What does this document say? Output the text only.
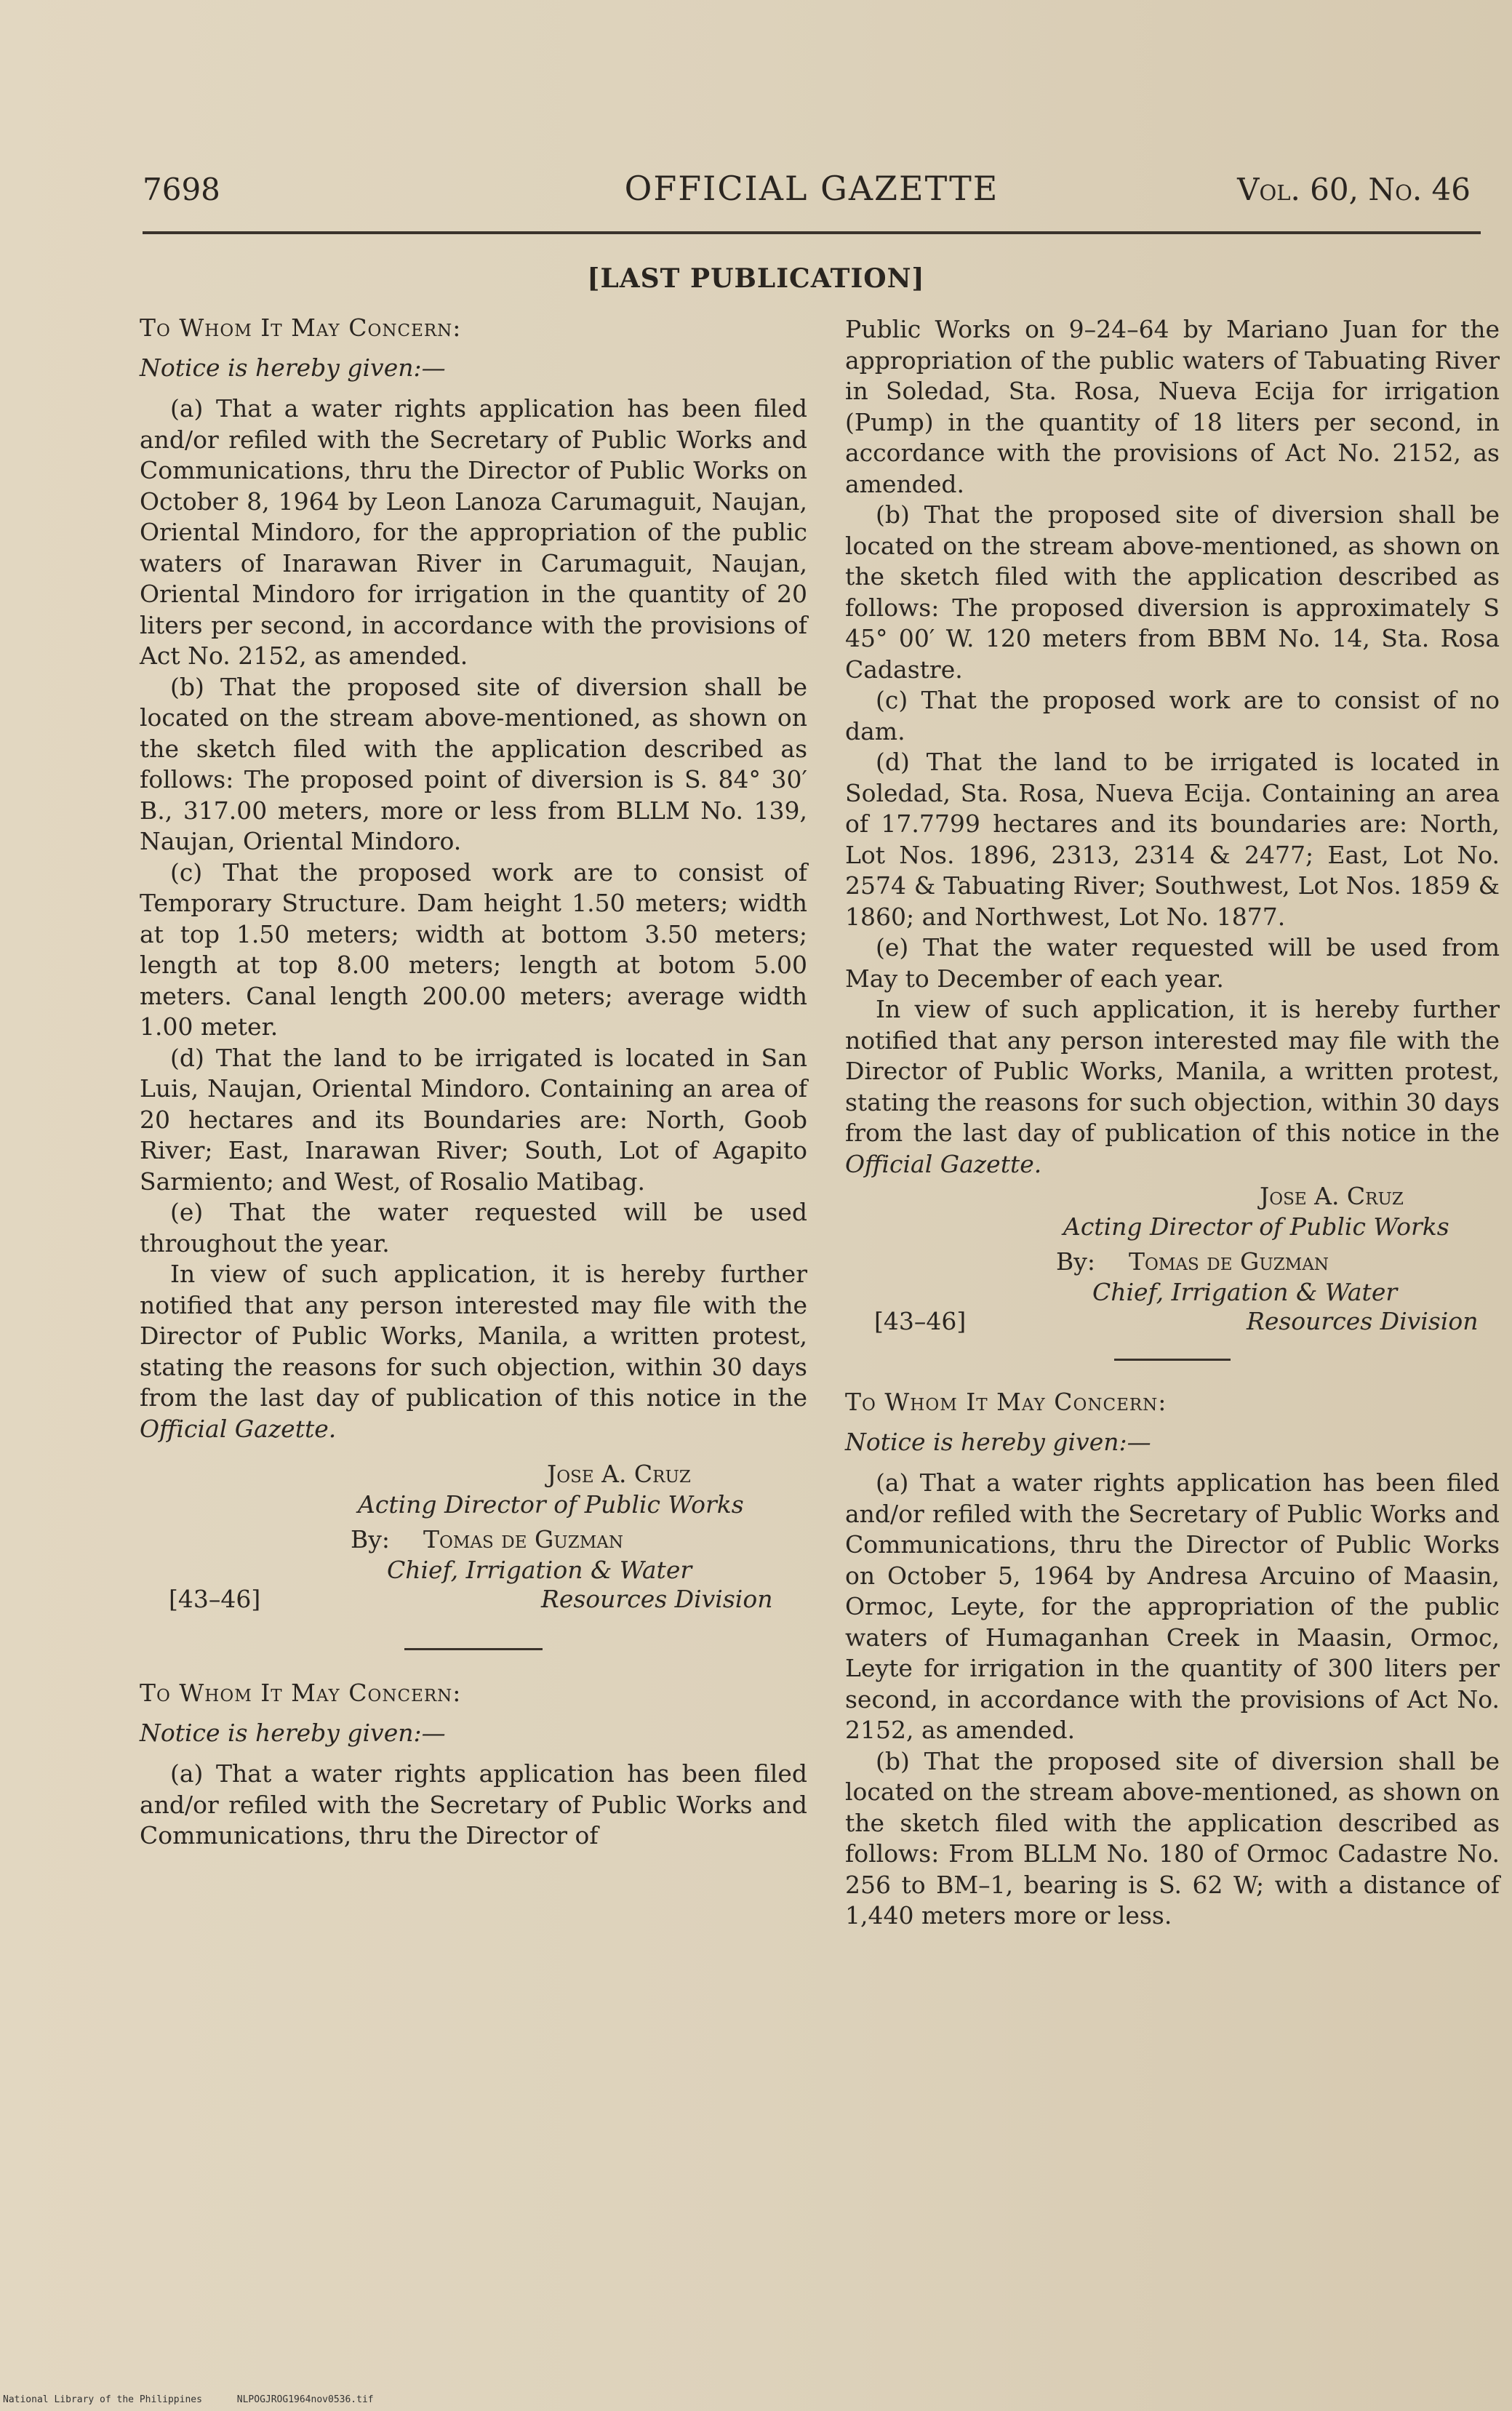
7698	OFFICIAL GAZETTE	Vol. 60, No. 46
[LAST PUBLICATION]

To Whom It May Concern:

Notice is hereby given:—

(a) That a water rights application has been filed and/or refiled with the Secretary of Public Works and Communications, thru the Director of Public Works on October 8, 1964 by Leon Lanoza Carumaguit, Naujan, Oriental Mindoro, for the appropriation of the public waters of Inarawan River in Carumaguit, Naujan, Oriental Mindoro for irrigation in the quantity of 20 liters per second, in accordance with the provisions of Act No. 2152, as amended.

(b) That the proposed site of diversion shall be located on the stream above-mentioned, as shown on the sketch filed with the application described as follows: The proposed point of diversion is S. 84° 30′ B., 317.00 meters, more or less from BLLM No. 139, Naujan, Oriental Mindoro.

(c) That the proposed work are to consist of Temporary Structure. Dam height 1.50 meters; width at top 1.50 meters; width at bottom 3.50 meters; length at top 8.00 meters; length at botom 5.00 meters. Canal length 200.00 meters; average width 1.00 meter.

(d) That the land to be irrigated is located in San Luis, Naujan, Oriental Mindoro. Containing an area of 20 hectares and its Boundaries are: North, Goob River; East, Inarawan River; South, Lot of Agapito Sarmiento; and West, of Rosalio Matibag.

(e) That the water requested will be used throughout the year.

In view of such application, it is hereby further notified that any person interested may file with the Director of Public Works, Manila, a written protest, stating the reasons for such objection, within 30 days from the last day of publication of this notice in the Official Gazette.

Jose A. Cruz
Acting Director of Public Works
By: Tomas de Guzman
Chief, Irrigation & Water
[43–46]	Resources Division

To Whom It May Concern:

Notice is hereby given:—

(a) That a water rights application has been filed and/or refiled with the Secretary of Public Works and Communications, thru the Director of

Public Works on 9–24–64 by Mariano Juan for the appropriation of the public waters of Tabuating River in Soledad, Sta. Rosa, Nueva Ecija for irrigation (Pump) in the quantity of 18 liters per second, in accordance with the provisions of Act No. 2152, as amended.

(b) That the proposed site of diversion shall be located on the stream above-mentioned, as shown on the sketch filed with the application described as follows: The proposed diversion is approximately S 45° 00′ W. 120 meters from BBM No. 14, Sta. Rosa Cadastre.

(c) That the proposed work are to consist of no dam.

(d) That the land to be irrigated is located in Soledad, Sta. Rosa, Nueva Ecija. Containing an area of 17.7799 hectares and its boundaries are: North, Lot Nos. 1896, 2313, 2314 & 2477; East, Lot No. 2574 & Tabuating River; Southwest, Lot Nos. 1859 & 1860; and Northwest, Lot No. 1877.

(e) That the water requested will be used from May to December of each year.

In view of such application, it is hereby further notified that any person interested may file with the Director of Public Works, Manila, a written protest, stating the reasons for such objection, within 30 days from the last day of publication of this notice in the Official Gazette.

Jose A. Cruz
Acting Director of Public Works
By: Tomas de Guzman
Chief, Irrigation & Water
[43–46]	Resources Division

To Whom It May Concern:

Notice is hereby given:—

(a) That a water rights application has been filed and/or refiled with the Secretary of Public Works and Communications, thru the Director of Public Works on October 5, 1964 by Andresa Arcuino of Maasin, Ormoc, Leyte, for the appropriation of the public waters of Humaganhan Creek in Maasin, Ormoc, Leyte for irrigation in the quantity of 300 liters per second, in accordance with the provisions of Act No. 2152, as amended.

(b) That the proposed site of diversion shall be located on the stream above-mentioned, as shown on the sketch filed with the application described as follows: From BLLM No. 180 of Ormoc Cadastre No. 256 to BM–1, bearing is S. 62 W; with a distance of 1,440 meters more or less.

National Library of the Philippines	NLPOGJROG1964nov0536.tif
